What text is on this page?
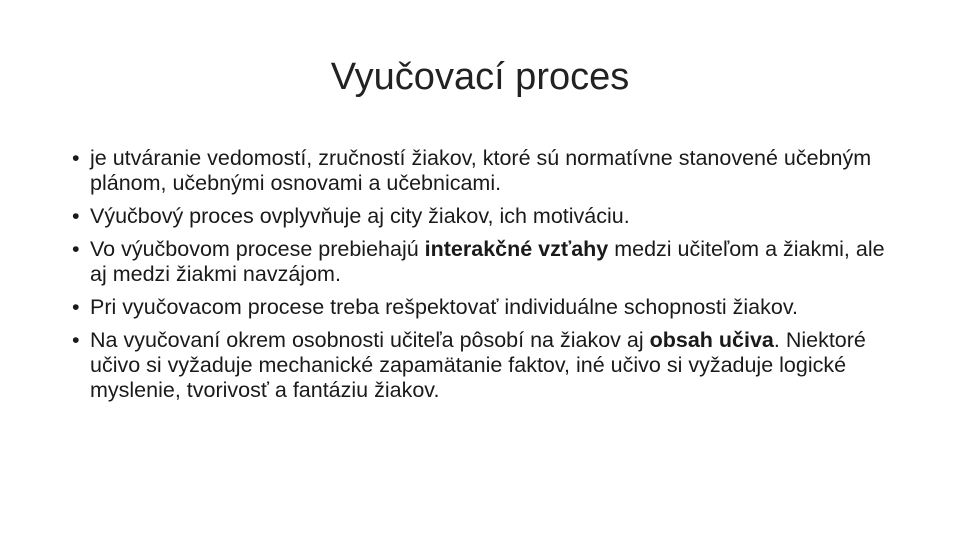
Vyučovací proces
• je utváranie vedomostí, zručností žiakov, ktoré sú normatívne stanovené učebným plánom, učebnými osnovami a učebnicami.
• Výučbový proces ovplyvňuje aj city žiakov, ich motiváciu.
• Vo výučbovom procese prebiehajú interakčné vzťahy medzi učiteľom a žiakmi, ale aj medzi žiakmi navzájom.
• Pri vyučovacom procese treba rešpektovať individuálne schopnosti žiakov.
• Na vyučovaní okrem osobnosti učiteľa pôsobí na žiakov aj obsah učiva. Niektoré učivo si vyžaduje mechanické zapamätanie faktov, iné učivo si vyžaduje logické myslenie, tvorivosť a fantáziu žiakov.
